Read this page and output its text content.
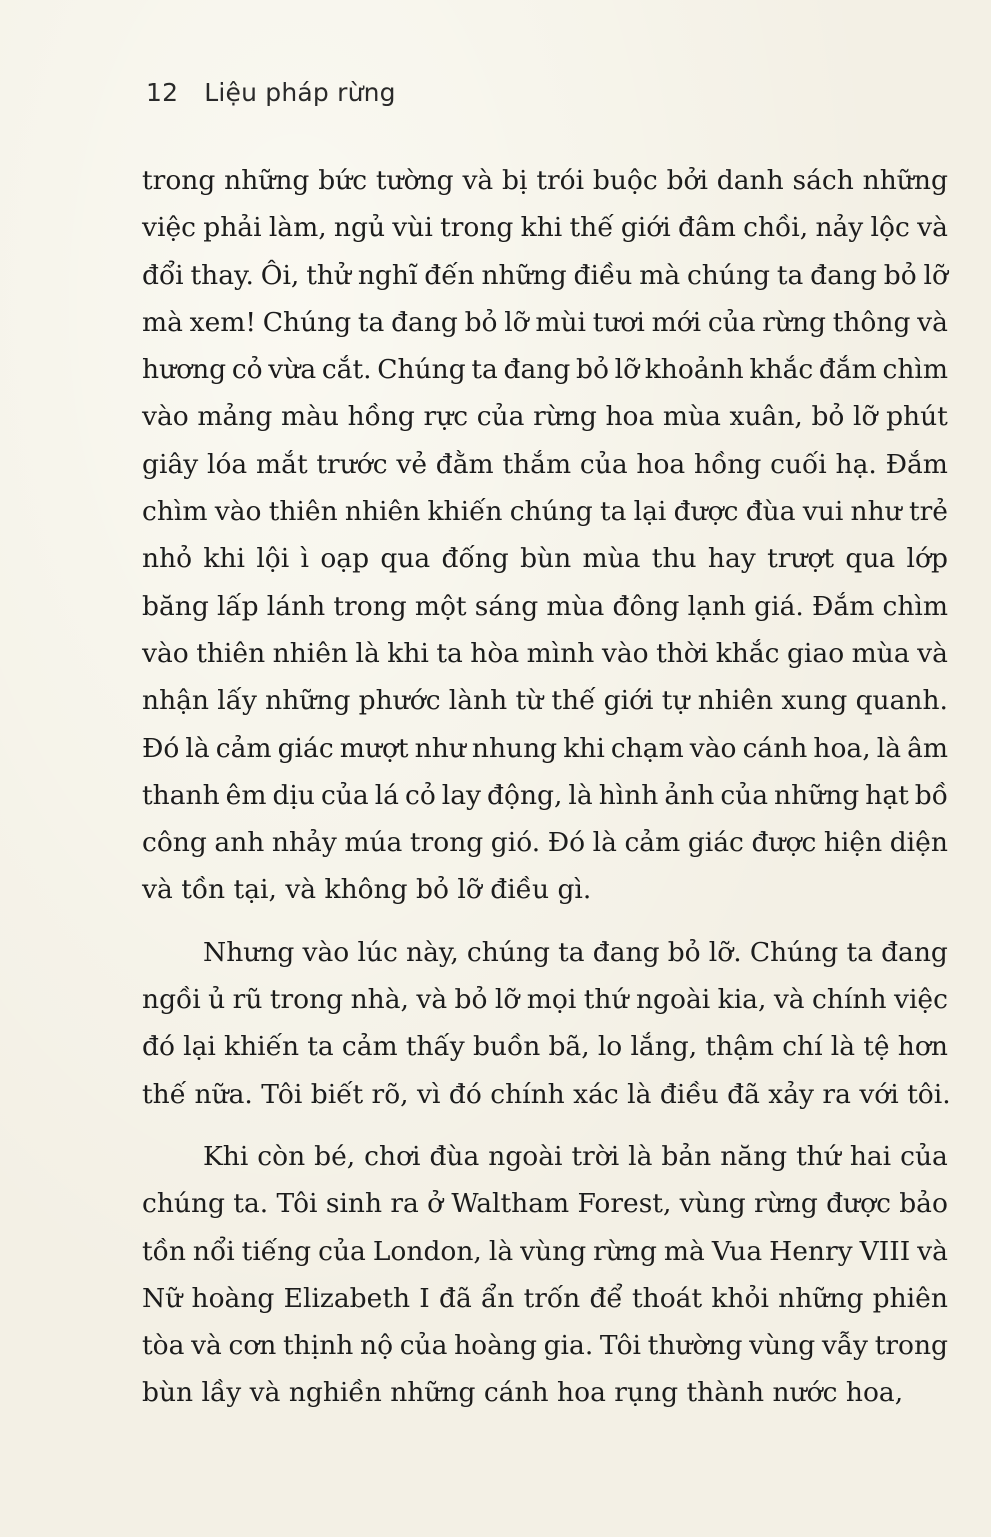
12 Liệu pháp rừng
trong những bức tường và bị trói buộc bởi danh sách những
việc phải làm, ngủ vùi trong khi thế giới đâm chồi, nảy lộc và
đổi thay. Ôi, thử nghĩ đến những điều mà chúng ta đang bỏ lỡ
mà xem! Chúng ta đang bỏ lỡ mùi tươi mới của rừng thông và
hương cỏ vừa cắt. Chúng ta đang bỏ lỡ khoảnh khắc đắm chìm
vào mảng màu hồng rực của rừng hoa mùa xuân, bỏ lỡ phút
giây lóa mắt trước vẻ đằm thắm của hoa hồng cuối hạ. Đắm
chìm vào thiên nhiên khiến chúng ta lại được đùa vui như trẻ
nhỏ khi lội ì oạp qua đống bùn mùa thu hay trượt qua lớp
băng lấp lánh trong một sáng mùa đông lạnh giá. Đắm chìm
vào thiên nhiên là khi ta hòa mình vào thời khắc giao mùa và
nhận lấy những phước lành từ thế giới tự nhiên xung quanh.
Đó là cảm giác mượt như nhung khi chạm vào cánh hoa, là âm
thanh êm dịu của lá cỏ lay động, là hình ảnh của những hạt bồ
công anh nhảy múa trong gió. Đó là cảm giác được hiện diện
và tồn tại, và không bỏ lỡ điều gì.
Nhưng vào lúc này, chúng ta đang bỏ lỡ. Chúng ta đang
ngồi ủ rũ trong nhà, và bỏ lỡ mọi thứ ngoài kia, và chính việc
đó lại khiến ta cảm thấy buồn bã, lo lắng, thậm chí là tệ hơn
thế nữa. Tôi biết rõ, vì đó chính xác là điều đã xảy ra với tôi.
Khi còn bé, chơi đùa ngoài trời là bản năng thứ hai của
chúng ta. Tôi sinh ra ở Waltham Forest, vùng rừng được bảo
tồn nổi tiếng của London, là vùng rừng mà Vua Henry VIII và
Nữ hoàng Elizabeth I đã ẩn trốn để thoát khỏi những phiên
tòa và cơn thịnh nộ của hoàng gia. Tôi thường vùng vẫy trong
bùn lầy và nghiền những cánh hoa rụng thành nước hoa,
